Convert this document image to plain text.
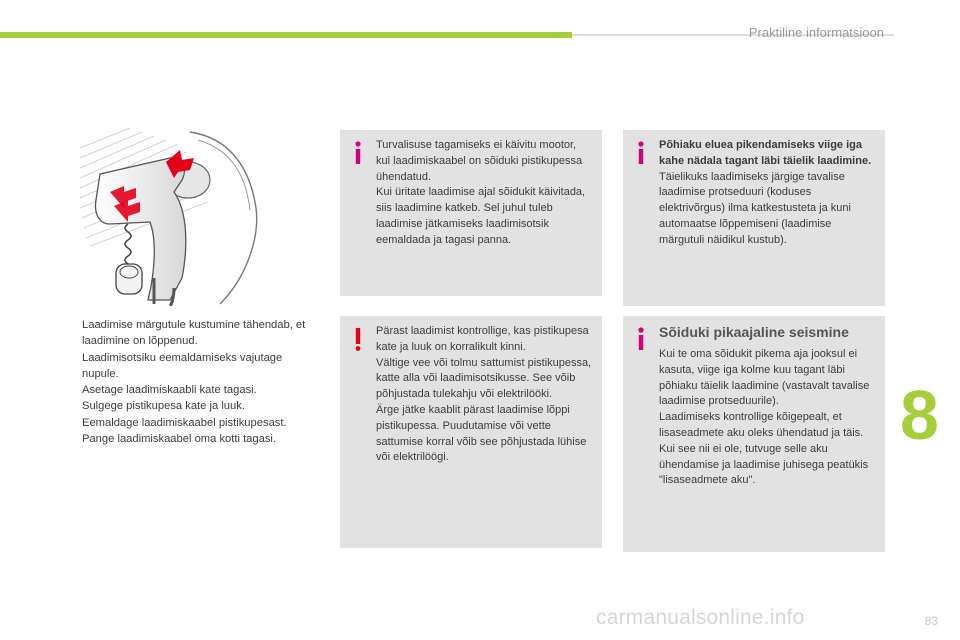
Praktiline informatsioon
Laadimise märgutule kustumine tähendab, et laadimine on lõppenud.
Laadimisotsiku eemaldamiseks vajutage nupule.
Asetage laadimiskaabli kate tagasi.
Sulgege pistikupesa kate ja luuk.
Eemaldage laadimiskaabel pistikupesast.
Pange laadimiskaabel oma kotti tagasi.
Turvalisuse tagamiseks ei käivitu mootor, kui laadimiskaabel on sõiduki pistikupessa ühendatud.
Kui üritate laadimise ajal sõidukit käivitada, siis laadimine katkeb. Sel juhul tuleb laadimise jätkamiseks laadimisotsik eemaldada ja tagasi panna.
Pärast laadimist kontrollige, kas pistikupesa kate ja luuk on korralikult kinni.
Vältige vee või tolmu sattumist pistikupessa, katte alla või laadimisotsikusse. See võib põhjustada tulekahju või elektrilööki.
Ärge jätke kaablit pärast laadimise lõppi pistikupessa. Puudutamise või vette sattumise korral võib see põhjustada lühise või elektrilöögi.
Põhiaku eluea pikendamiseks viige iga kahe nädala tagant läbi täielik laadimine.
Täielikuks laadimiseks järgige tavalise laadimise protseduuri (koduses elektrivõrgus) ilma katkestusteta ja kuni automaatse lõppemiseni (laadimise märgutuli näidikul kustub).
Sõiduki pikaajaline seismine
Kui te oma sõidukit pikema aja jooksul ei kasuta, viige iga kolme kuu tagant läbi põhiaku täielik laadimine (vastavalt tavalise laadimise protseduurile).
Laadimiseks kontrollige kõigepealt, et lisaseadmete aku oleks ühendatud ja täis. Kui see nii ei ole, tutvuge selle aku ühendamise ja laadimise juhisega peatükis "lisaseadmete aku".
8
carmanualsonline.info	83
